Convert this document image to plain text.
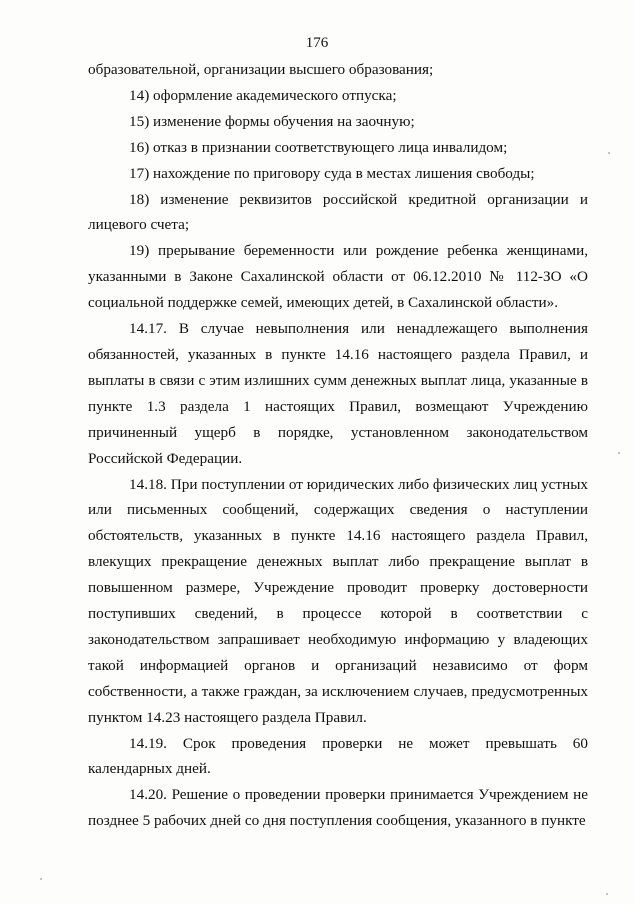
176

образовательной, организации высшего образования;

14) оформление академического отпуска;

15) изменение формы обучения на заочную;

16) отказ в признании соответствующего лица инвалидом;

17) нахождение по приговору суда в местах лишения свободы;

18) изменение реквизитов российской кредитной организации и лицевого счета;

19) прерывание беременности или рождение ребенка женщинами, указанными в Законе Сахалинской области от 06.12.2010 № 112-ЗО «О социальной поддержке семей, имеющих детей, в Сахалинской области».

14.17. В случае невыполнения или ненадлежащего выполнения обязанностей, указанных в пункте 14.16 настоящего раздела Правил, и выплаты в связи с этим излишних сумм денежных выплат лица, указанные в пункте 1.3 раздела 1 настоящих Правил, возмещают Учреждению причиненный ущерб в порядке, установленном законодательством Российской Федерации.

14.18. При поступлении от юридических либо физических лиц устных или письменных сообщений, содержащих сведения о наступлении обстоятельств, указанных в пункте 14.16 настоящего раздела Правил, влекущих прекращение денежных выплат либо прекращение выплат в повышенном размере, Учреждение проводит проверку достоверности поступивших сведений, в процессе которой в соответствии с законодательством запрашивает необходимую информацию у владеющих такой информацией органов и организаций независимо от форм собственности, а также граждан, за исключением случаев, предусмотренных пунктом 14.23 настоящего раздела Правил.

14.19. Срок проведения проверки не может превышать 60 календарных дней.

14.20. Решение о проведении проверки принимается Учреждением не позднее 5 рабочих дней со дня поступления сообщения, указанного в пункте
